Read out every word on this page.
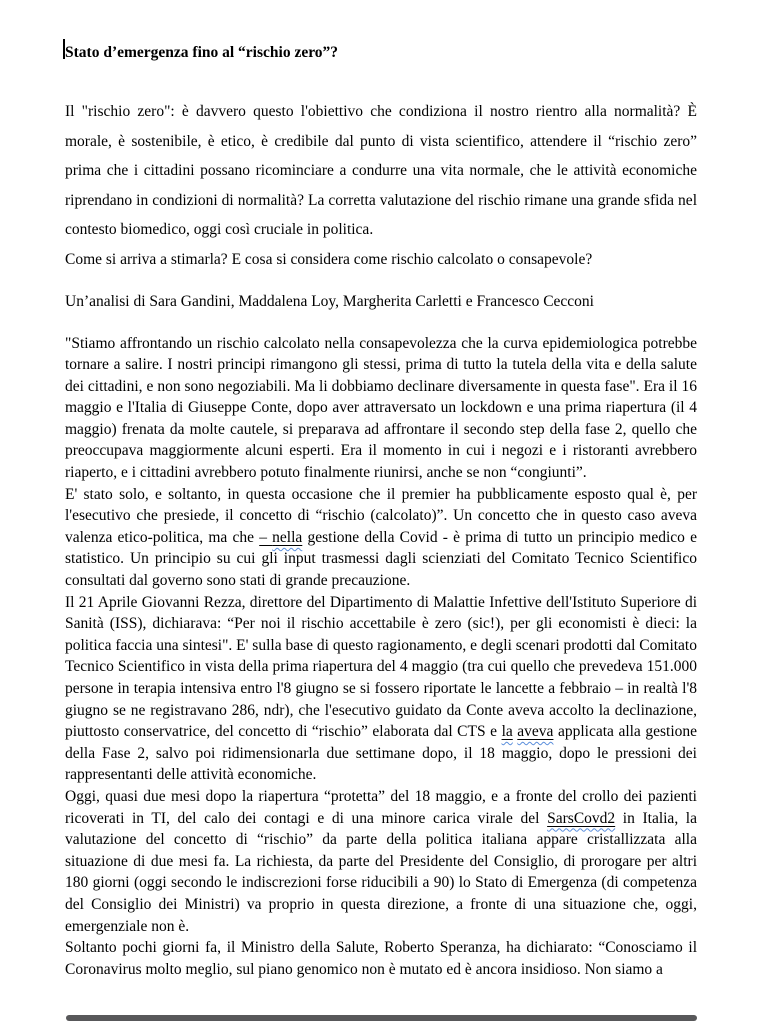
Stato d’emergenza fino al “rischio zero”?

Il "rischio zero": è davvero questo l'obiettivo che condiziona il nostro rientro alla normalità? È morale, è sostenibile, è etico, è credibile dal punto di vista scientifico, attendere il “rischio zero” prima che i cittadini possano ricominciare a condurre una vita normale, che le attività economiche riprendano in condizioni di normalità? La corretta valutazione del rischio rimane una grande sfida nel contesto biomedico, oggi così cruciale in politica.

Come si arriva a stimarla? E cosa si considera come rischio calcolato o consapevole?

Un’analisi di Sara Gandini, Maddalena Loy, Margherita Carletti e Francesco Cecconi

"Stiamo affrontando un rischio calcolato nella consapevolezza che la curva epidemiologica potrebbe tornare a salire. I nostri principi rimangono gli stessi, prima di tutto la tutela della vita e della salute dei cittadini, e non sono negoziabili. Ma li dobbiamo declinare diversamente in questa fase". Era il 16 maggio e l'Italia di Giuseppe Conte, dopo aver attraversato un lockdown e una prima riapertura (il 4 maggio) frenata da molte cautele, si preparava ad affrontare il secondo step della fase 2, quello che preoccupava maggiormente alcuni esperti. Era il momento in cui i negozi e i ristoranti avrebbero riaperto, e i cittadini avrebbero potuto finalmente riunirsi, anche se non “congiunti”.

E' stato solo, e soltanto, in questa occasione che il premier ha pubblicamente esposto qual è, per l'esecutivo che presiede, il concetto di “rischio (calcolato)”. Un concetto che in questo caso aveva valenza etico-politica, ma che – nella gestione della Covid - è prima di tutto un principio medico e statistico. Un principio su cui gli input trasmessi dagli scienziati del Comitato Tecnico Scientifico consultati dal governo sono stati di grande precauzione.

Il 21 Aprile Giovanni Rezza, direttore del Dipartimento di Malattie Infettive dell'Istituto Superiore di Sanità (ISS), dichiarava: “Per noi il rischio accettabile è zero (sic!), per gli economisti è dieci: la politica faccia una sintesi". E' sulla base di questo ragionamento, e degli scenari prodotti dal Comitato Tecnico Scientifico in vista della prima riapertura del 4 maggio (tra cui quello che prevedeva 151.000 persone in terapia intensiva entro l'8 giugno se si fossero riportate le lancette a febbraio – in realtà l'8 giugno se ne registravano 286, ndr), che l'esecutivo guidato da Conte aveva accolto la declinazione, piuttosto conservatrice, del concetto di “rischio” elaborata dal CTS e la aveva applicata alla gestione della Fase 2, salvo poi ridimensionarla due settimane dopo, il 18 maggio, dopo le pressioni dei rappresentanti delle attività economiche.

Oggi, quasi due mesi dopo la riapertura “protetta” del 18 maggio, e a fronte del crollo dei pazienti ricoverati in TI, del calo dei contagi e di una minore carica virale del SarsCovd2 in Italia, la valutazione del concetto di “rischio” da parte della politica italiana appare cristallizzata alla situazione di due mesi fa. La richiesta, da parte del Presidente del Consiglio, di prorogare per altri 180 giorni (oggi secondo le indiscrezioni forse riducibili a 90) lo Stato di Emergenza (di competenza del Consiglio dei Ministri) va proprio in questa direzione, a fronte di una situazione che, oggi, emergenziale non è.

Soltanto pochi giorni fa, il Ministro della Salute, Roberto Speranza, ha dichiarato: “Conosciamo il Coronavirus molto meglio, sul piano genomico non è mutato ed è ancora insidioso. Non siamo a
